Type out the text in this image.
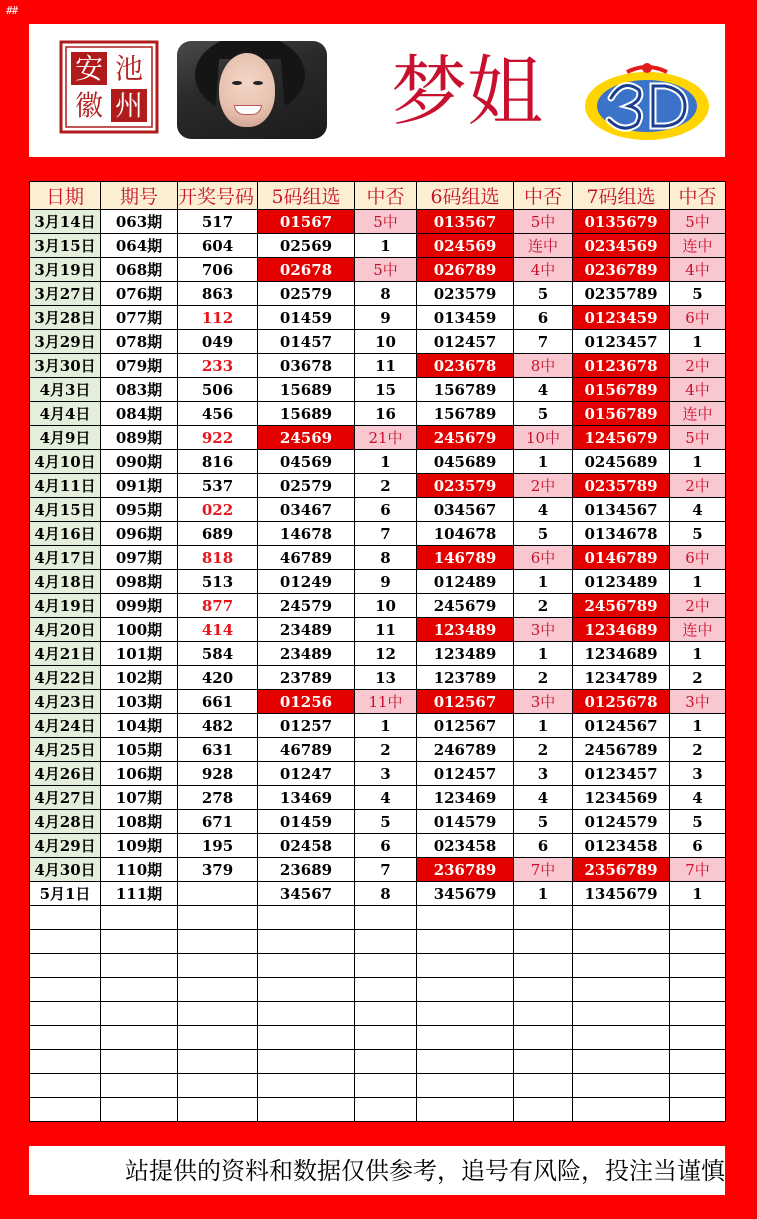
##
安 池
徽 州	梦姐
日期	期号	开奖号码	5码组选	中否	6码组选	中否	7码组选	中否
3月14日	063期	517	01567	5中	013567	5中	0135679	5中
3月15日	064期	604	02569	1	024569	连中	0234569	连中
3月19日	068期	706	02678	5中	026789	4中	0236789	4中
3月27日	076期	863	02579	8	023579	5	0235789	5
3月28日	077期	112	01459	9	013459	6	0123459	6中
3月29日	078期	049	01457	10	012457	7	0123457	1
3月30日	079期	233	03678	11	023678	8中	0123678	2中
4月3日	083期	506	15689	15	156789	4	0156789	4中
4月4日	084期	456	15689	16	156789	5	0156789	连中
4月9日	089期	922	24569	21中	245679	10中	1245679	5中
4月10日	090期	816	04569	1	045689	1	0245689	1
4月11日	091期	537	02579	2	023579	2中	0235789	2中
4月15日	095期	022	03467	6	034567	4	0134567	4
4月16日	096期	689	14678	7	104678	5	0134678	5
4月17日	097期	818	46789	8	146789	6中	0146789	6中
4月18日	098期	513	01249	9	012489	1	0123489	1
4月19日	099期	877	24579	10	245679	2	2456789	2中
4月20日	100期	414	23489	11	123489	3中	1234689	连中
4月21日	101期	584	23489	12	123489	1	1234689	1
4月22日	102期	420	23789	13	123789	2	1234789	2
4月23日	103期	661	01256	11中	012567	3中	0125678	3中
4月24日	104期	482	01257	1	012567	1	0124567	1
4月25日	105期	631	46789	2	246789	2	2456789	2
4月26日	106期	928	01247	3	012457	3	0123457	3
4月27日	107期	278	13469	4	123469	4	1234569	4
4月28日	108期	671	01459	5	014579	5	0124579	5
4月29日	109期	195	02458	6	023458	6	0123458	6
4月30日	110期	379	23689	7	236789	7中	2356789	7中
5月1日	111期		34567	8	345679	1	1345679	1

站提供的资料和数据仅供参考，追号有风险，投注当谨慎
